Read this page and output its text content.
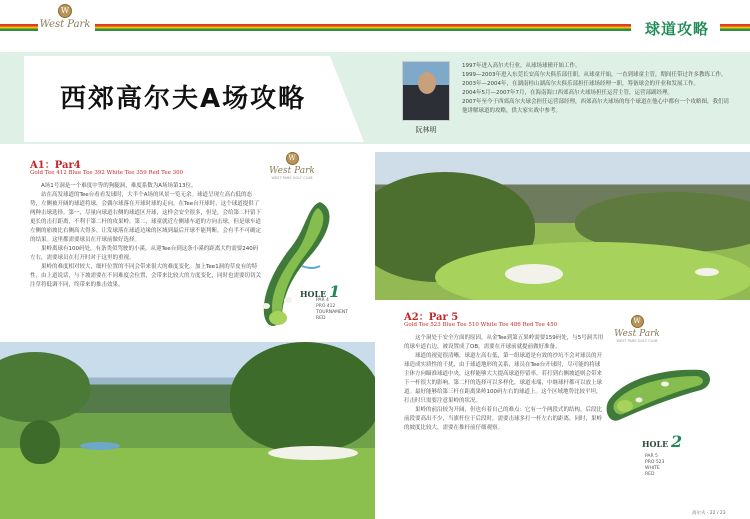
W
West Park	球道攻略
西郊高尔夫A场攻略
阮林明

1997年进入高尔夫行业，从球场球僮开始工作。

1999—2003年进入东莞长安高尔夫俱乐部任职，从球童开始，一直到球童主管，期间任带过许多教练工作。

2003年—2004年，在湖南桂山湖高尔夫俱乐部担任球场经理一职，筹备球会的开业和发展工作。

2004年5月—2007年7月，在海南海口西郊高尔夫球场担任运营主管，运营部副经理。

2007年至今于西郊高尔夫球会担任运营部经理，西郊高尔夫球场的每个球道在他心中都有一个攻略图，我们请他讲解球道的攻略，供大家实战中参考。

A1：Par4
Gold Tee 412 Blue Tee 392 White Tee 359 Red Tee 300

A场1号洞是一个难度中等的狗腿洞，难度系数为A场场第13位。

站在高发球道的Tee台看看发球时，大半个A场的风景一览无余。球道呈现左高右低的态势，左侧被开阔的球道将球，会偶尔球落在开球时球的走向，在Tee台开球时，这个球道提供了两种击球选择。第一，尽量向球道右侧的球道区开球，这样会安全很多，但是，会给第二杆留下更长的击打距离，不利于第二杆的攻果岭。第二，球童就近左侧球车道的方向击球，但是球车道左侧的崩坡比右侧高大得多，让发球落在球道边缘的区域到最后开球不能判断，会有半不可确定的结果。这里都需要球员在开球前做好选择。

果岭离球有100码处，有条类似驾驶的小溪，从迎Tee台到这条小溪的距离大约需要240码左右，需要球员在打开时对于这里的重视。

果岭的难度相对较大，细杆位置的不同会带来很大的难度变化。加上Tee1洞的草皮有的特性，由上道说话，与下坡需要在不同难度会位置，会带来比较大的力度变化，同时也需要切切关注草将低调不同，终带来的推击效果。

W
West Park
WEST PARK GOLF CLUB
HOLE 1
PAR 4
PRO 412
TOURNAMENT
RED	A2：Par 5
Gold Tee 523 Blue Tee 510 White Tee 486 Red Tee 450

这个洞处于安全方面的原因，从金Tee到第五果岭需要159码处，与5号洞共用的球车道右边，被设置成了OB，需要在开球前就提前做好准备。

球道的视觉很清晰，球道左高右低，第一组球道是有效的沙坑不会对球员的开球造成实质性的干扰，由于球道地形的关系，球员在Tee台开球时，尽可能的将球主体方向瞄准球道中央，这样能够大大提高球道停留率。若打到右侧坡道则会带来下一杆很大的影响。第二杆的选择可以多样化，球道末端，中继球杆都可以放上球道。最好能够给第三杆在距离果岭100码左右的球道上。这个区域地势比较平坦，打击时只需要注意果岭的状况。

果岭的前沿较为开阔，但也有着自己的难点：它有一个两段式的结构，后段比前段要高出不少，当旗杆位于后段时，需要击球多打一杆左右的距离。同时，果岭的坡度比较大，需要在推杆前仔细观察。

W
West Park
WEST PARK GOLF CLUB
HOLE 2
PAR 5
PRO 523
WHITE
RED
高尔夫 · 22 / 23
